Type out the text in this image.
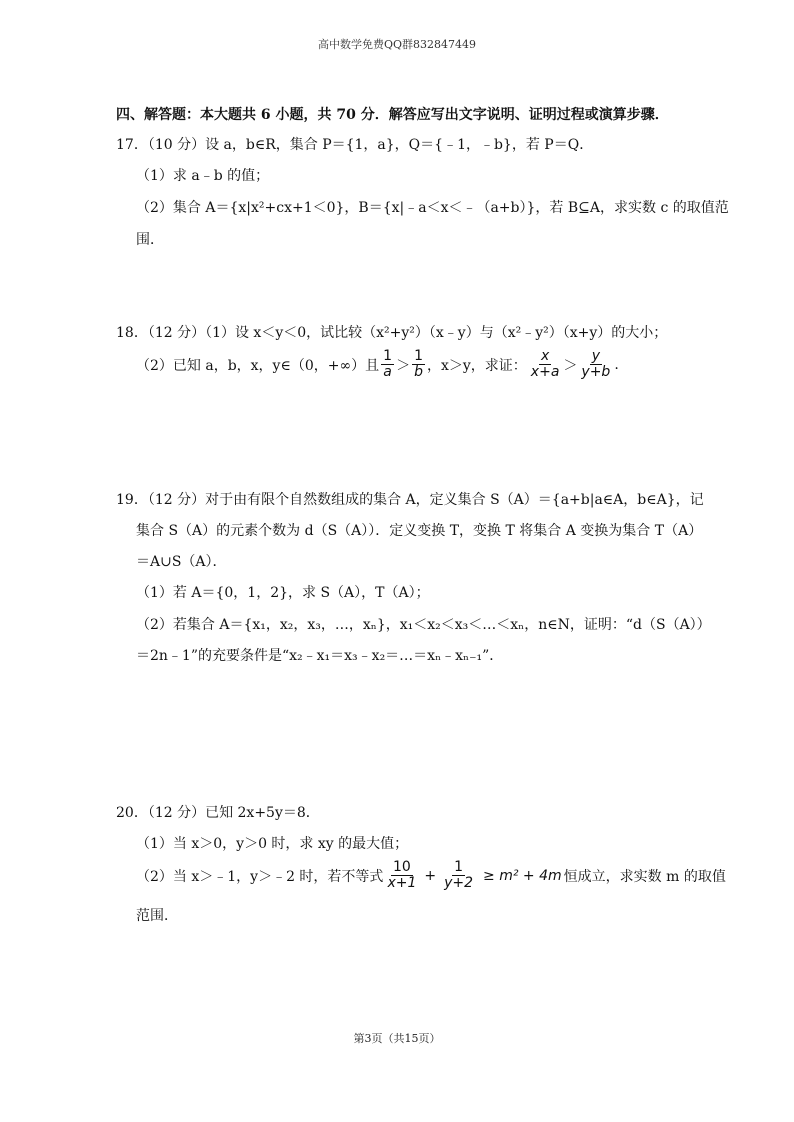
高中数学免费QQ群832847449
四、解答题：本大题共 6 小题，共 70 分．解答应写出文字说明、证明过程或演算步骤．
17．（10 分）设 a，b∈R，集合 P＝{1，a}，Q＝{﹣1，﹣b}，若 P＝Q．
（1）求 a﹣b 的值；
（2）集合 A＝{x|x²+cx+1＜0}，B＝{x|﹣a＜x＜﹣（a+b）}，若 B⊆A，求实数 c 的取值范
围．
18．（12 分）（1）设 x＜y＜0，试比较（x²+y²）（x﹣y）与（x²﹣y²）（x+y）的大小；
（2）已知 a，b，x，y∈（0，+∞）且 $\frac{1}{a} > \frac{1}{b}$ ，x＞y，求证： $\frac{x}{x+a} > \frac{y}{y+b}$ .
19．（12 分）对于由有限个自然数组成的集合 A，定义集合 S（A）＝{a+b|a∈A，b∈A}，记
集合 S（A）的元素个数为 d（S（A））．定义变换 T，变换 T 将集合 A 变换为集合 T（A）
＝A∪S（A）．
（1）若 A＝{0，1，2}，求 S（A），T（A）；
（2）若集合 A＝{x₁，x₂，x₃，…，xₙ}，x₁＜x₂＜x₃＜…＜xₙ，n∈N，证明：“d（S（A））
＝2n﹣1”的充要条件是“x₂﹣x₁＝x₃﹣x₂＝…＝xₙ﹣xₙ₋₁”．
20．（12 分）已知 2x+5y＝8．
（1）当 x＞0，y＞0 时，求 xy 的最大值；
（2）当 x＞﹣1，y＞﹣2 时，若不等式 $\frac{10}{x+1} + \frac{1}{y+2} \ge m^2 + 4m$ 恒成立，求实数 m 的取值
范围．
第3页（共15页）
